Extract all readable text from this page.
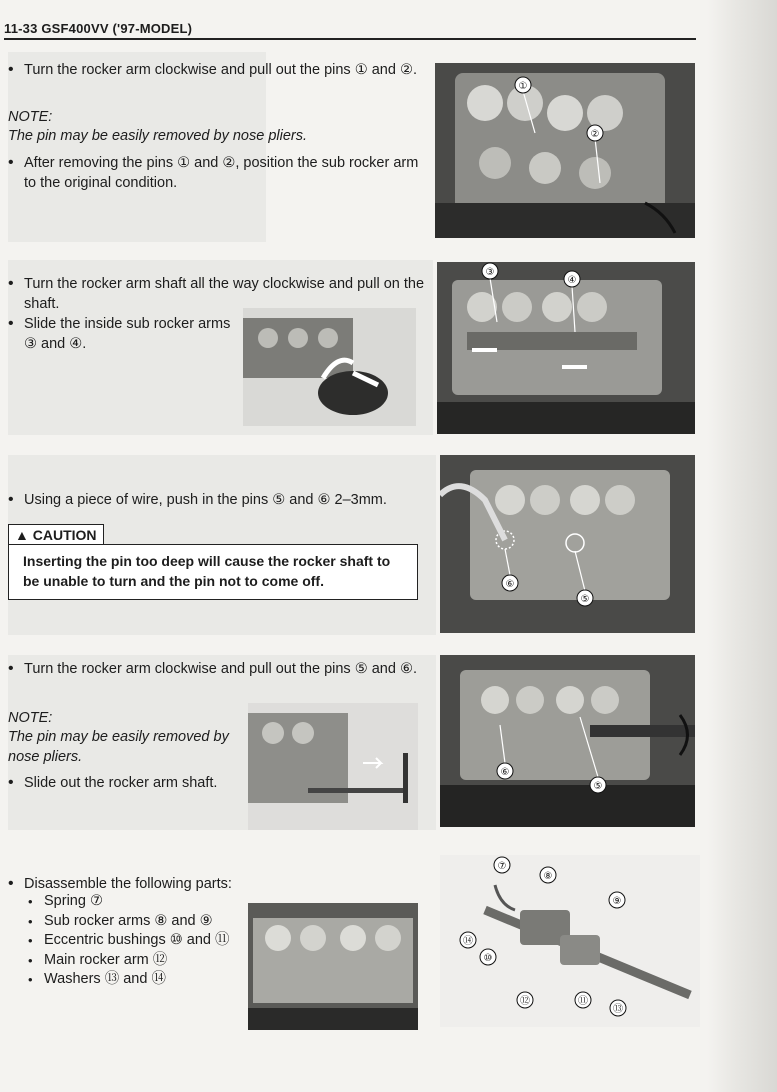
11-33 GSF400VV ('97-MODEL)
• Turn the rocker arm clockwise and pull out the pins ① and ②.
NOTE:
The pin may be easily removed by nose pliers.
• After removing the pins ① and ②, position the sub rocker arm to the original condition.
①
②
• Turn the rocker arm shaft all the way clockwise and pull on the shaft.
• Slide the inside sub rocker arms ③ and ④.
③
④
• Using a piece of wire, push in the pins ⑤ and ⑥ 2–3mm.
▲ CAUTION
Inserting the pin too deep will cause the rocker shaft to be unable to turn and the pin not to come off.	⑥
⑤
• Turn the rocker arm clockwise and pull out the pins ⑤ and ⑥.
NOTE:
The pin may be easily removed by nose pliers.
• Slide out the rocker arm shaft.
⑥
⑤
• Disassemble the following parts:
• Spring ⑦
• Sub rocker arms ⑧ and ⑨
• Eccentric bushings ⑩ and ⑪
• Main rocker arm ⑫
• Washers ⑬ and ⑭
⑦
⑧
⑨
⑭
⑩
⑫	⑪
⑬
